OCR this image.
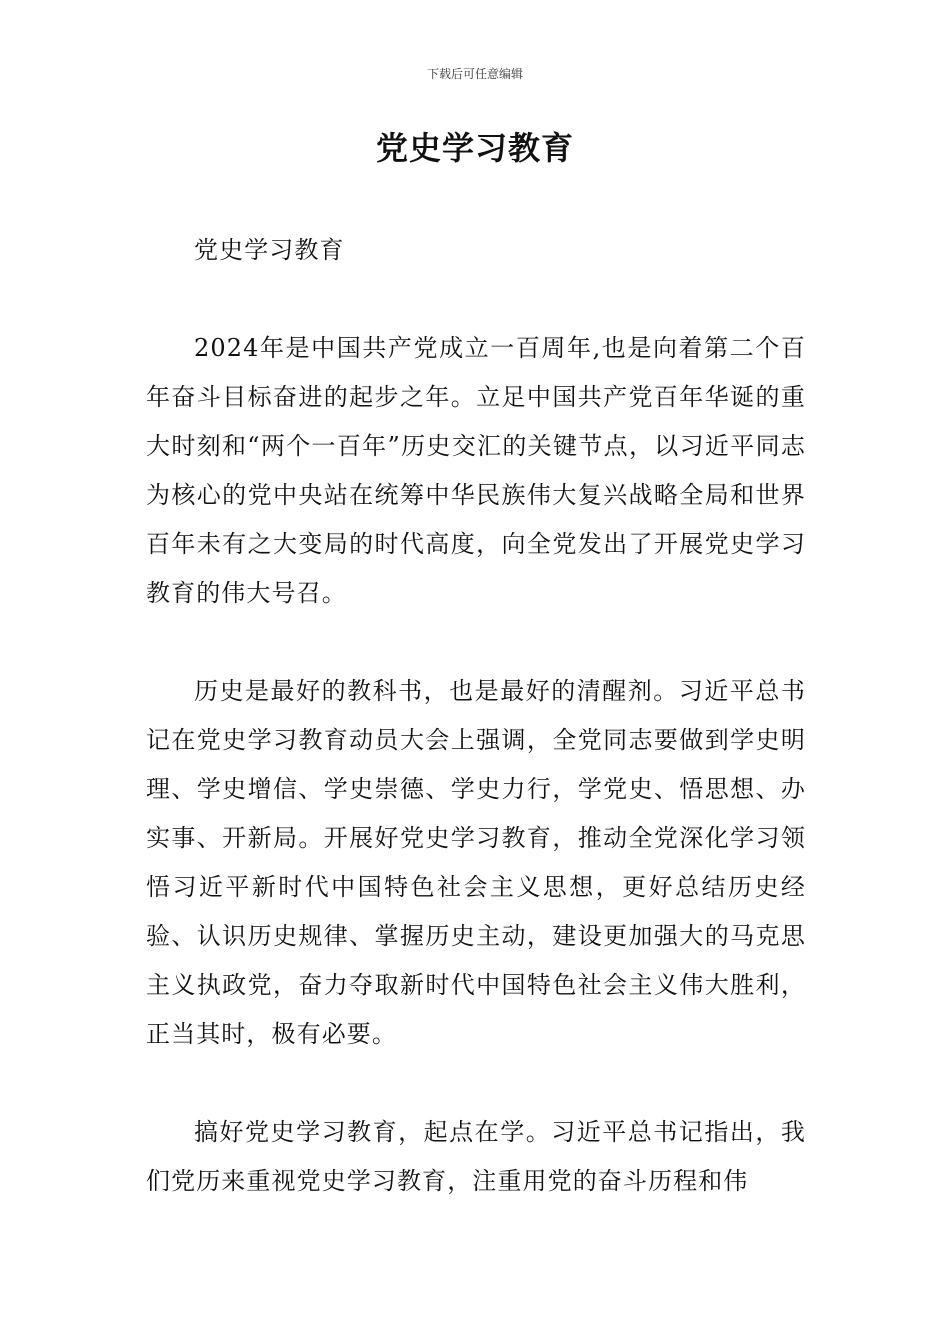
下载后可任意编辑
党史学习教育

党史学习教育

2024年是中国共产党成立一百周年,也是向着第二个百年奋斗目标奋进的起步之年。立足中国共产党百年华诞的重大时刻和“两个一百年”历史交汇的关键节点，以习近平同志为核心的党中央站在统筹中华民族伟大复兴战略全局和世界百年未有之大变局的时代高度，向全党发出了开展党史学习教育的伟大号召。

历史是最好的教科书，也是最好的清醒剂。习近平总书记在党史学习教育动员大会上强调，全党同志要做到学史明理、学史增信、学史崇德、学史力行，学党史、悟思想、办实事、开新局。开展好党史学习教育，推动全党深化学习领悟习近平新时代中国特色社会主义思想，更好总结历史经验、认识历史规律、掌握历史主动，建设更加强大的马克思主义执政党，奋力夺取新时代中国特色社会主义伟大胜利，正当其时，极有必要。

搞好党史学习教育，起点在学。习近平总书记指出，我们党历来重视党史学习教育，注重用党的奋斗历程和伟
